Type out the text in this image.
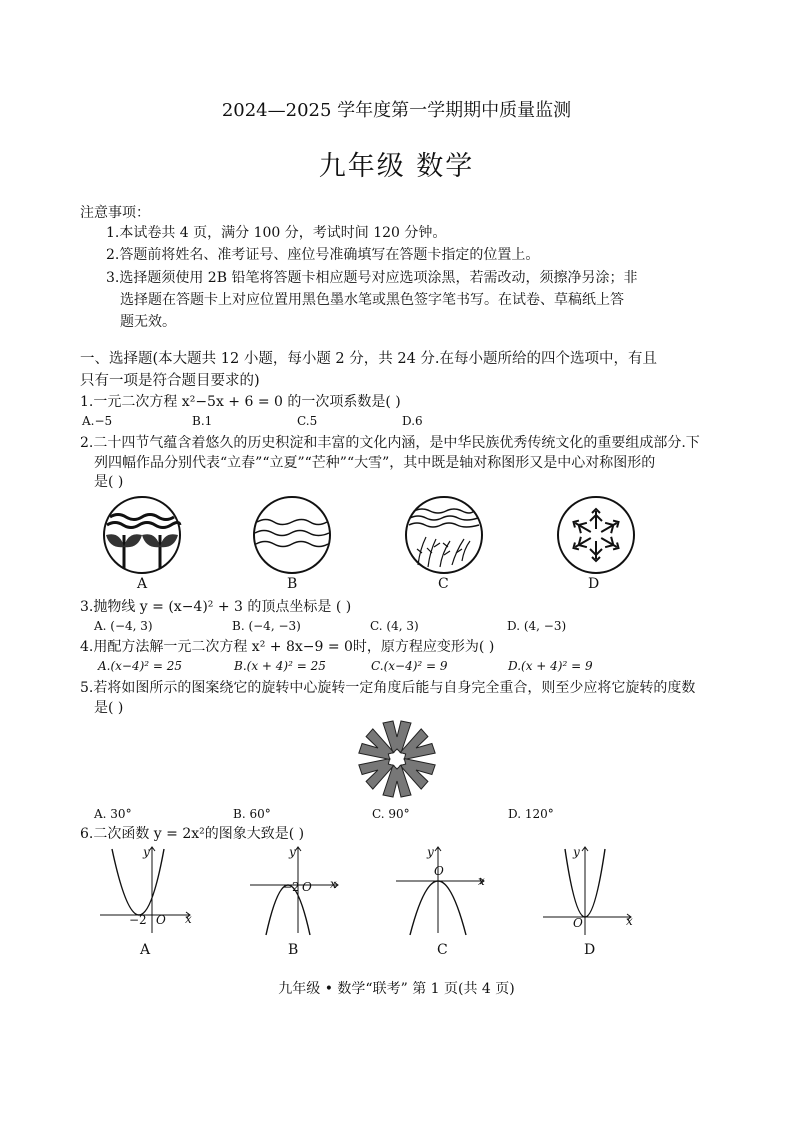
2024—2025 学年度第一学期期中质量监测
九年级 数学
注意事项：
1.本试卷共 4 页，满分 100 分，考试时间 120 分钟。
2.答题前将姓名、准考证号、座位号准确填写在答题卡指定的位置上。
3.选择题须使用 2B 铅笔将答题卡相应题号对应选项涂黑，若需改动，须擦净另涂；非
选择题在答题卡上对应位置用黑色墨水笔或黑色签字笔书写。在试卷、草稿纸上答
题无效。
一、选择题(本大题共 12 小题，每小题 2 分，共 24 分.在每小题所给的四个选项中，有且
只有一项是符合题目要求的)
1.一元二次方程 x²−5x + 6 = 0 的一次项系数是( )
A.−5	B.1	C.5	D.6
2.二十四节气蕴含着悠久的历史积淀和丰富的文化内涵，是中华民族优秀传统文化的重要组成部分.下
列四幅作品分别代表“立春”“立夏”“芒种”“大雪”，其中既是轴对称图形又是中心对称图形的
是( )
A	B	C	D
3.抛物线 y = (x−4)² + 3 的顶点坐标是 ( )
A. (−4, 3)	B. (−4, −3)	C. (4, 3)	D. (4, −3)
4.用配方法解一元二次方程 x² + 8x−9 = 0时，原方程应变形为( )
A.(x−4)² = 25	B.(x + 4)² = 25	C.(x−4)² = 9	D.(x + 4)² = 9
5.若将如图所示的图案绕它的旋转中心旋转一定角度后能与自身完全重合，则至少应将它旋转的度数
是( )
A. 30°	B. 60°	C. 90°	D. 120°
6.二次函数 y = 2x²的图象大致是( )
y
x
−2 O
A
y
x
−2 O
B
y
x
O
C
y
x
O
D
九年级 • 数学“联考” 第 1 页(共 4 页)
